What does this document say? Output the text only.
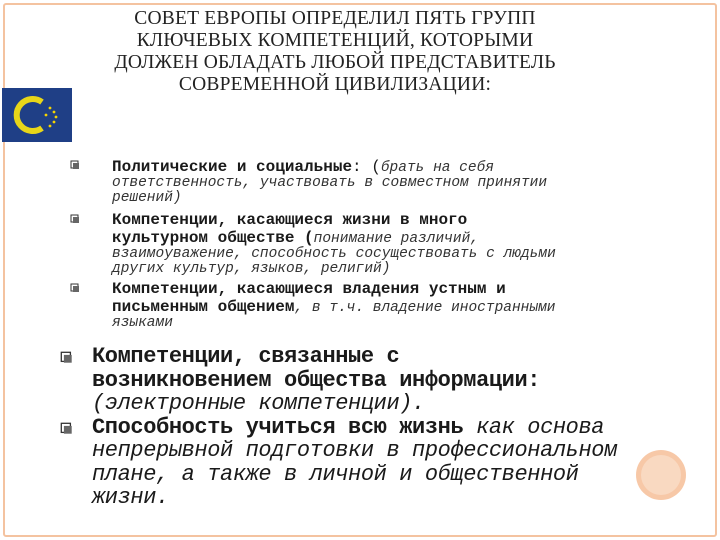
СОВЕТ ЕВРОПЫ ОПРЕДЕЛИЛ ПЯТЬ ГРУПП
КЛЮЧЕВЫХ КОМПЕТЕНЦИЙ, КОТОРЫМИ
ДОЛЖЕН ОБЛАДАТЬ ЛЮБОЙ ПРЕДСТАВИТЕЛЬ
СОВРЕМЕННОЙ ЦИВИЛИЗАЦИИ:
Политические и социальные: (брать на себя
ответственность, участвовать в совместном принятии
решений)
Компетенции, касающиеся жизни в много
культурном обществе (понимание различий,
взаимоуважение, способность сосуществовать с людьми
других культур, языков, религий)
Компетенции, касающиеся владения устным и
письменным общением, в т.ч. владение иностранными
языками
Компетенции, связанные с
возникновением общества информации:
(электронные компетенции).
Способность учиться всю жизнь как основа
непрерывной подготовки в профессиональном
плане, а также в личной и общественной
жизни.
